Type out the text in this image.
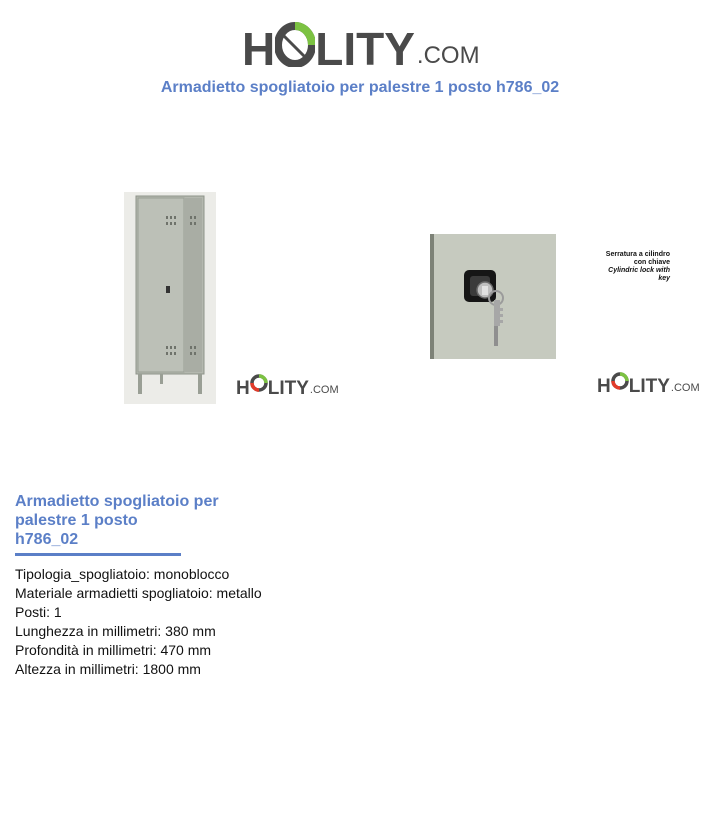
H LITY .COM
Armadietto spogliatoio per palestre 1 posto h786_02
H LITY .COM
Serratura a cilindro
con chiave
Cylindric lock with
key
H LITY .COM
Armadietto spogliatoio per
palestre 1 posto
h786_02
Tipologia_spogliatoio: monoblocco
Materiale armadietti spogliatoio: metallo
Posti: 1
Lunghezza in millimetri: 380 mm
Profondità in millimetri: 470 mm
Altezza in millimetri: 1800 mm
